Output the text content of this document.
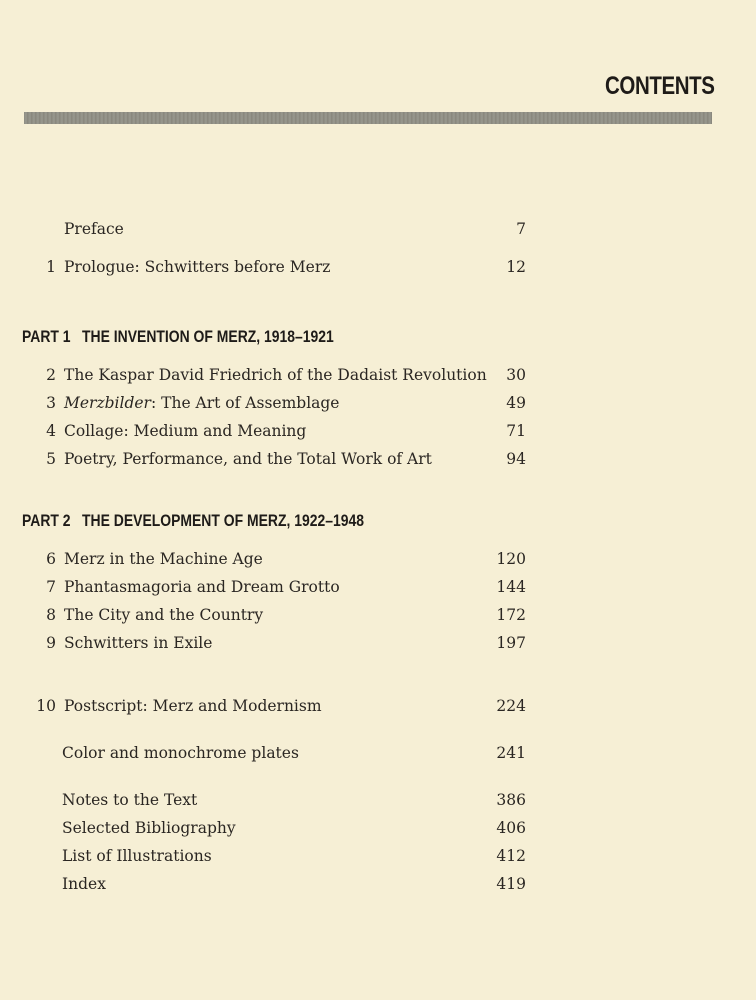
CONTENTS
Preface	7
1 Prologue: Schwitters before Merz	12
PART 1 THE INVENTION OF MERZ, 1918–1921
2 The Kaspar David Friedrich of the Dadaist Revolution 30
3 Merzbilder: The Art of Assemblage	49
4 Collage: Medium and Meaning	71
5 Poetry, Performance, and the Total Work of Art	94
PART 2 THE DEVELOPMENT OF MERZ, 1922–1948
6 Merz in the Machine Age	120
7 Phantasmagoria and Dream Grotto	144
8 The City and the Country	172
9 Schwitters in Exile	197
10 Postscript: Merz and Modernism	224
Color and monochrome plates	241
Notes to the Text	386
Selected Bibliography	406
List of Illustrations	412
Index	419
